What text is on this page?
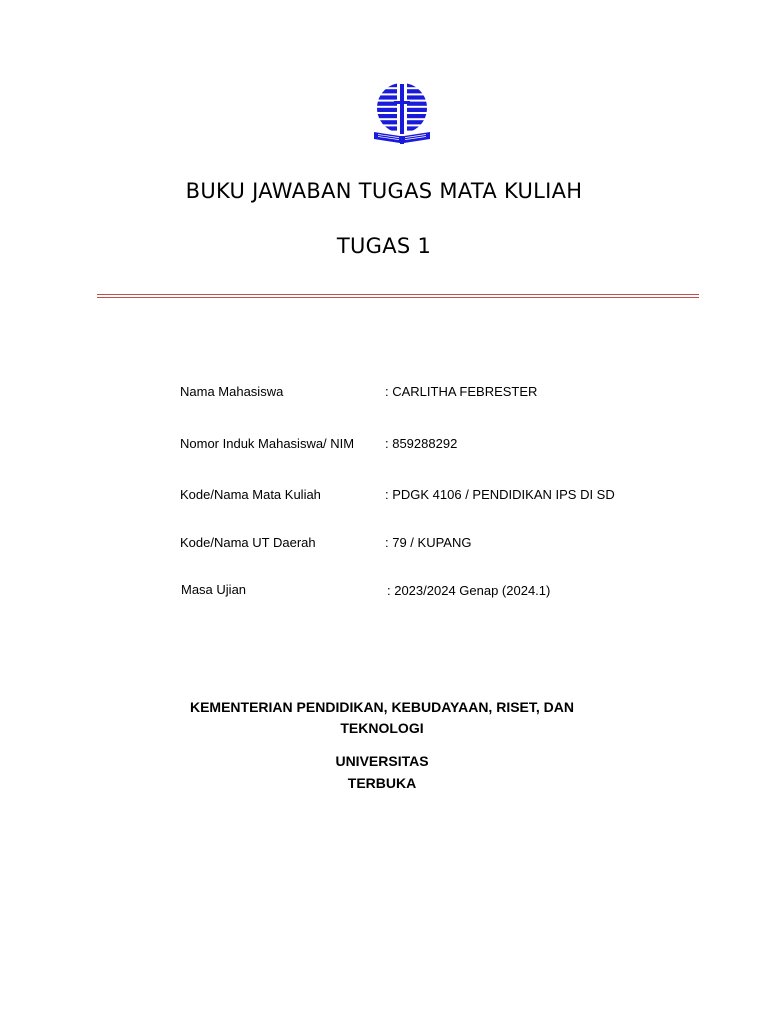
BUKU JAWABAN TUGAS MATA KULIAH
TUGAS 1
Nama Mahasiswa	: CARLITHA FEBRESTER
Nomor Induk Mahasiswa/ NIM : 859288292
Kode/Nama Mata Kuliah	: PDGK 4106 / PENDIDIKAN IPS DI SD
Kode/Nama UT Daerah	: 79 / KUPANG
Masa Ujian	: 2023/2024 Genap (2024.1)
KEMENTERIAN PENDIDIKAN, KEBUDAYAAN, RISET, DAN TEKNOLOGI
UNIVERSITAS TERBUKA
